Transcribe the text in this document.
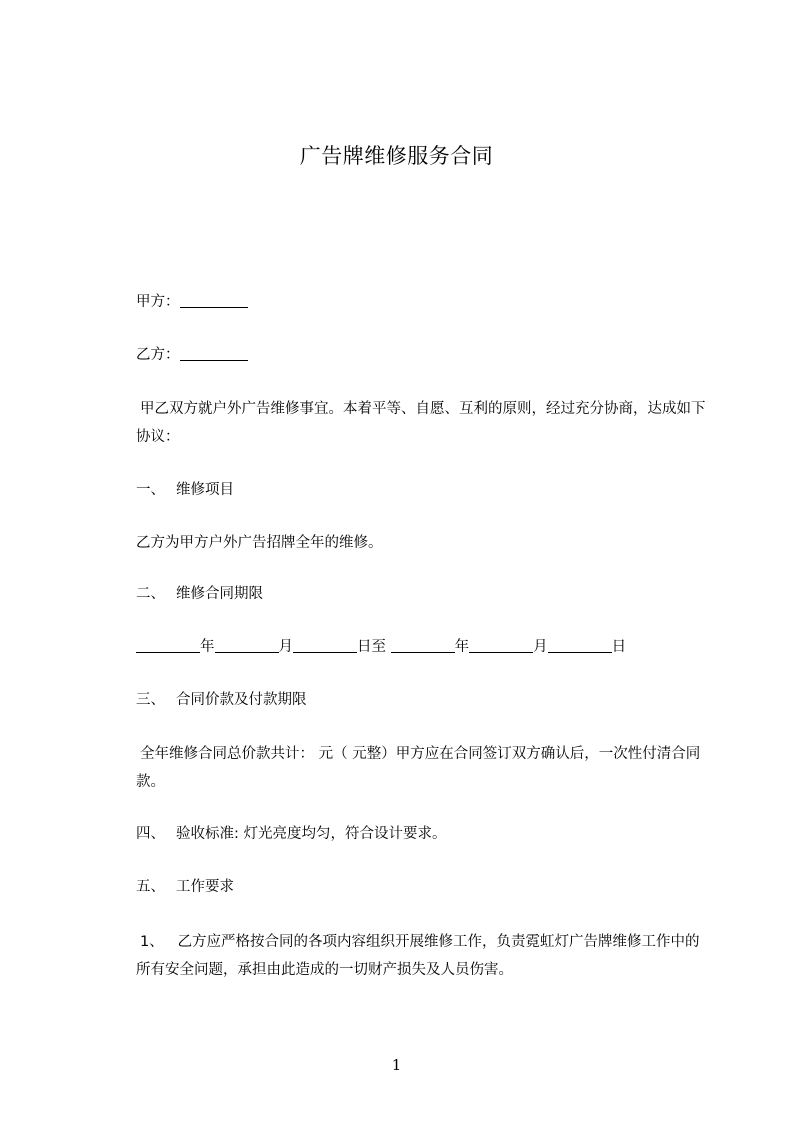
广告牌维修服务合同
甲方：
乙方：
甲乙双方就户外广告维修事宜。本着平等、自愿、互利的原则，经过充分协商，达成如下协议：
一、 维修项目
乙方为甲方户外广告招牌全年的维修。
二、 维修合同期限
年	月	日至	年	月	日
三、 合同价款及付款期限
全年维修合同总价款共计： 元（ 元整）甲方应在合同签订双方确认后，一次性付清合同款。
四、 验收标准: 灯光亮度均匀，符合设计要求。
五、 工作要求
1、 乙方应严格按合同的各项内容组织开展维修工作，负责霓虹灯广告牌维修工作中的所有安全问题，承担由此造成的一切财产损失及人员伤害。
1
